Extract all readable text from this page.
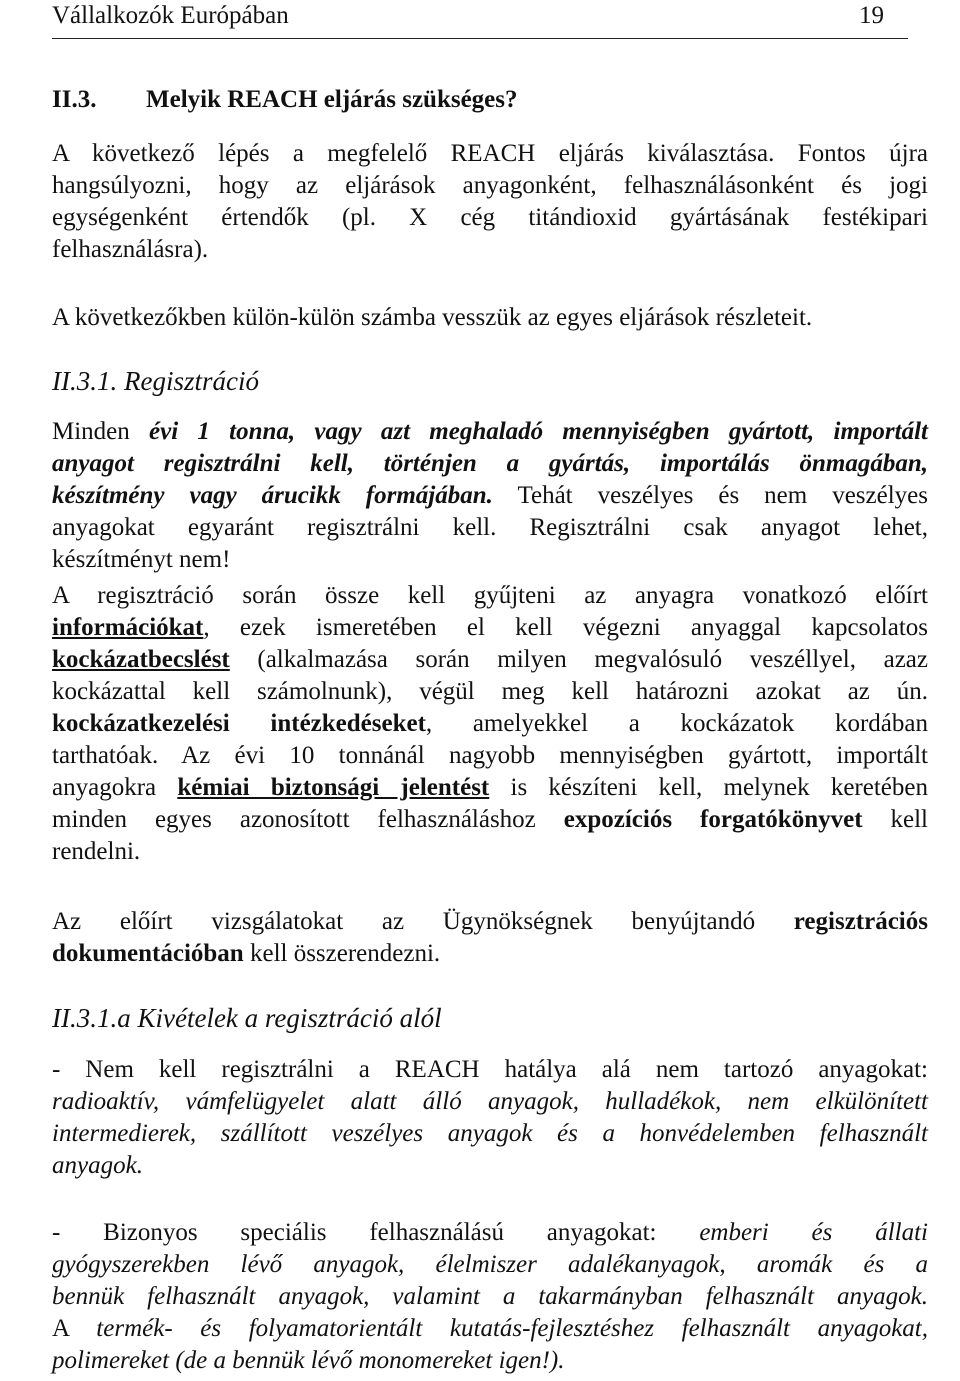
Vállalkozók Európában	19
II.3. Melyik REACH eljárás szükséges?
A következő lépés a megfelelő REACH eljárás kiválasztása. Fontos újra
hangsúlyozni, hogy az eljárások anyagonként, felhasználásonként és jogi
egységenként értendők (pl. X cég titándioxid gyártásának festékipari
felhasználásra).
A következőkben külön-külön számba vesszük az egyes eljárások részleteit.
II.3.1. Regisztráció
Minden évi 1 tonna, vagy azt meghaladó mennyiségben gyártott, importált
anyagot regisztrálni kell, történjen a gyártás, importálás önmagában,
készítmény vagy árucikk formájában. Tehát veszélyes és nem veszélyes
anyagokat egyaránt regisztrálni kell. Regisztrálni csak anyagot lehet,
készítményt nem!
A regisztráció során össze kell gyűjteni az anyagra vonatkozó előírt
információkat, ezek ismeretében el kell végezni anyaggal kapcsolatos
kockázatbecslést (alkalmazása során milyen megvalósuló veszéllyel, azaz
kockázattal kell számolnunk), végül meg kell határozni azokat az ún.
kockázatkezelési intézkedéseket, amelyekkel a kockázatok kordában
tarthatóak. Az évi 10 tonnánál nagyobb mennyiségben gyártott, importált
anyagokra kémiai biztonsági jelentést is készíteni kell, melynek keretében
minden egyes azonosított felhasználáshoz expozíciós forgatókönyvet kell
rendelni.
Az előírt vizsgálatokat az Ügynökségnek benyújtandó regisztrációs
dokumentációban kell összerendezni.
II.3.1.a Kivételek a regisztráció alól
- Nem kell regisztrálni a REACH hatálya alá nem tartozó anyagokat:
radioaktív, vámfelügyelet alatt álló anyagok, hulladékok, nem elkülönített
intermedierek, szállított veszélyes anyagok és a honvédelemben felhasznált
anyagok.
- Bizonyos speciális felhasználású anyagokat: emberi és állati
gyógyszerekben lévő anyagok, élelmiszer adalékanyagok, aromák és a
bennük felhasznált anyagok, valamint a takarmányban felhasznált anyagok.
A termék- és folyamatorientált kutatás-fejlesztéshez felhasznált anyagokat,
polimereket (de a bennük lévő monomereket igen!).
